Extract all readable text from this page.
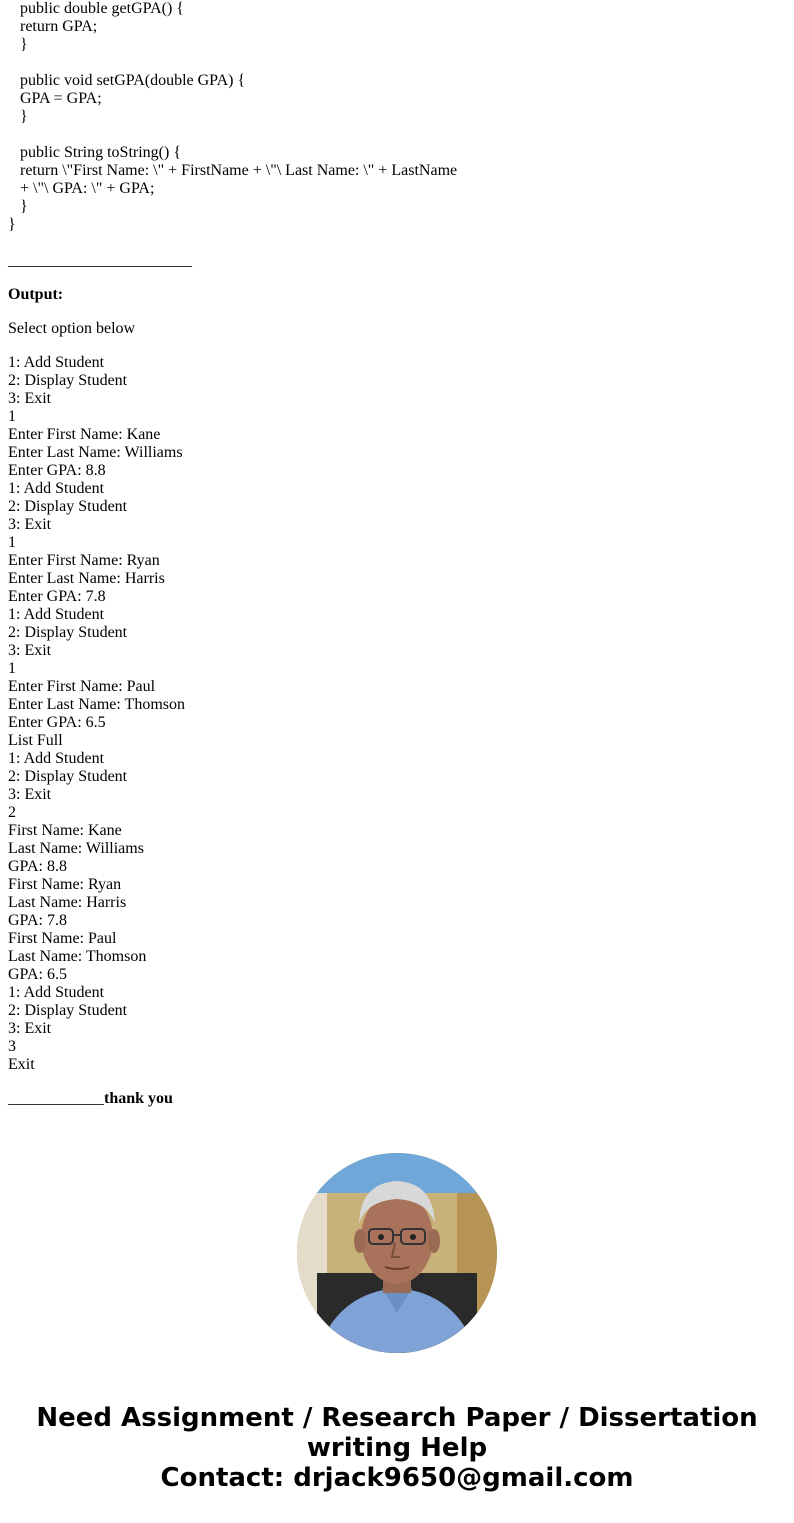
public double getGPA() {
return GPA;
}
public void setGPA(double GPA) {
GPA = GPA;
}
public String toString() {
return \"First Name: \" + FirstName + \"\ Last Name: \" + LastName
+ \"\ GPA: \" + GPA;
}
}
_______________________
Output:
Select option below
1: Add Student
2: Display Student
3: Exit
1
Enter First Name: Kane
Enter Last Name: Williams
Enter GPA: 8.8
1: Add Student
2: Display Student
3: Exit
1
Enter First Name: Ryan
Enter Last Name: Harris
Enter GPA: 7.8
1: Add Student
2: Display Student
3: Exit
1
Enter First Name: Paul
Enter Last Name: Thomson
Enter GPA: 6.5
List Full
1: Add Student
2: Display Student
3: Exit
2
First Name: Kane
Last Name: Williams
GPA: 8.8
First Name: Ryan
Last Name: Harris
GPA: 7.8
First Name: Paul
Last Name: Thomson
GPA: 6.5
1: Add Student
2: Display Student
3: Exit
3
Exit
____________thank you
Need Assignment / Research Paper / Dissertation
writing Help
Contact: drjack9650@gmail.com
